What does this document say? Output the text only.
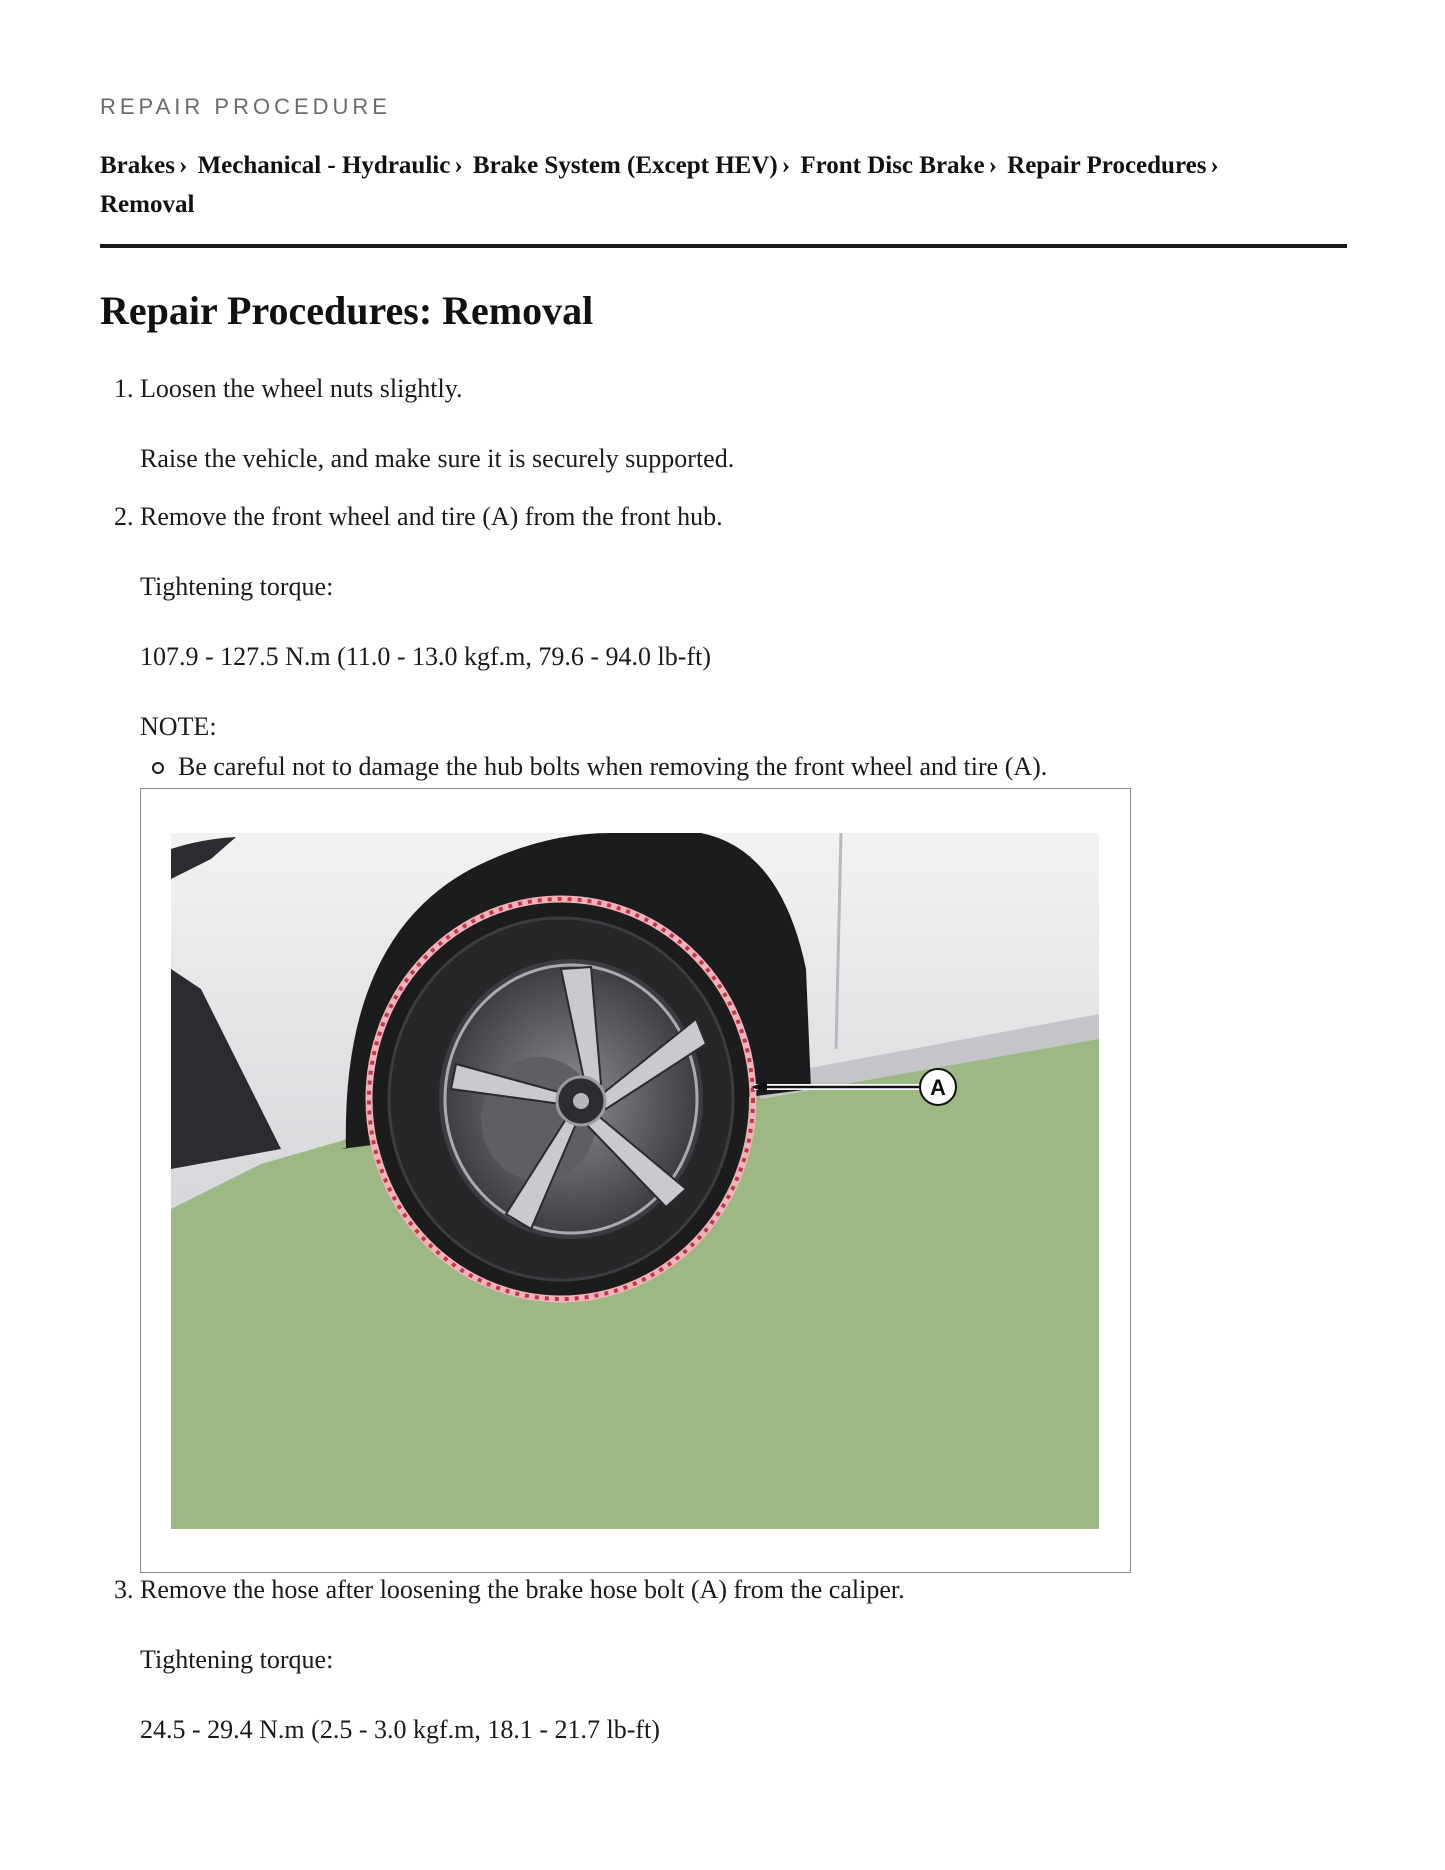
REPAIR PROCEDURE

Brakes › Mechanical - Hydraulic › Brake System (Except HEV) › Front Disc Brake › Repair Procedures › Removal
Repair Procedures: Removal

1. Loosen the wheel nuts slightly.

Raise the vehicle, and make sure it is securely supported.

2. Remove the front wheel and tire (A) from the front hub.

Tightening torque:

107.9 - 127.5 N.m (11.0 - 13.0 kgf.m, 79.6 - 94.0 lb-ft)

NOTE:

Be careful not to damage the hub bolts when removing the front wheel and tire (A).
A

3. Remove the hose after loosening the brake hose bolt (A) from the caliper.

Tightening torque:

24.5 - 29.4 N.m (2.5 - 3.0 kgf.m, 18.1 - 21.7 lb-ft)
